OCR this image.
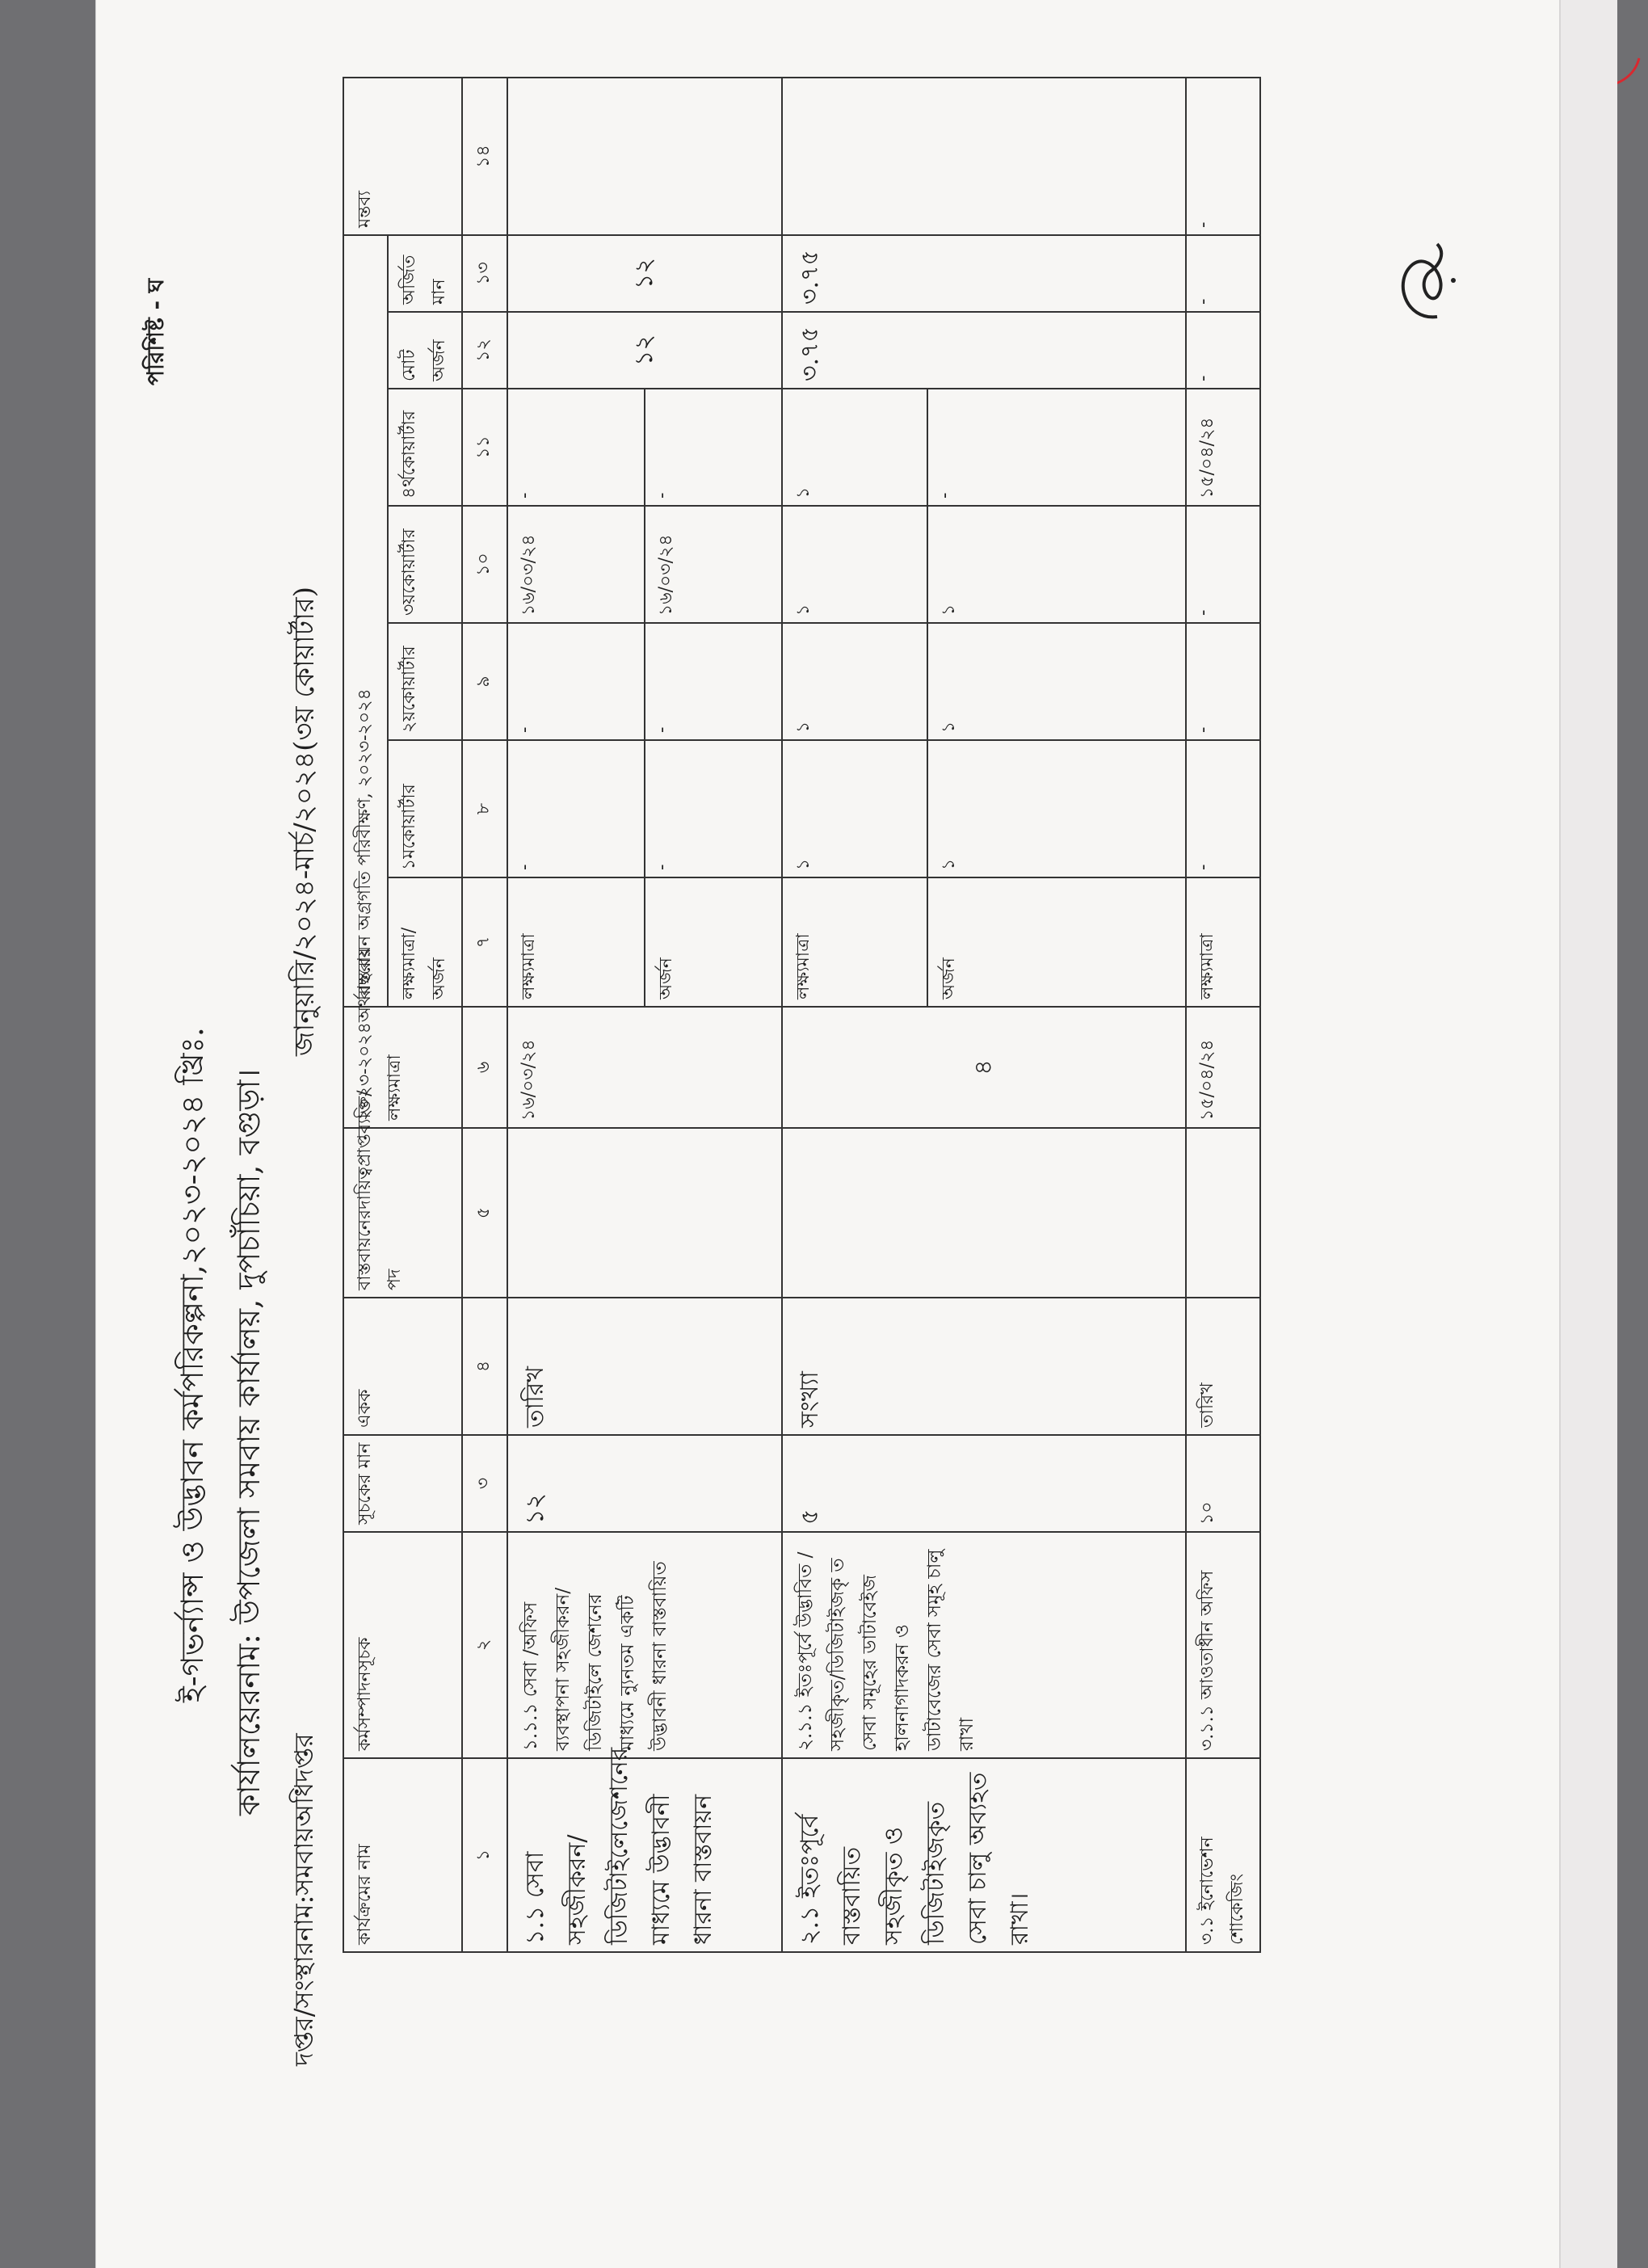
ই-গভর্ন্যান্স ও উদ্ভাবন কর্মপরিকল্পনা,২০২৩-২০২৪ খ্রিঃ. কার্যালয়েরনাম: উপজেলা সমবায় কার্যালয়, দুপচাঁচিয়া, বগুড়া।
পরিশিষ্ট - ঘ
দপ্তর/সংস্থারনাম:সমবায়অধিদপ্তর
জানুয়ারি/২০২৪-মার্চ/২০২৪(৩য় কোয়ার্টার)
কার্যক্রমের নাম	কর্মসম্পাদনসূচক	সূচকের মান	একক	বাস্তবায়নেরদায়িত্বপ্রাপ্তব্যক্তি/পদ	২০২৩-২০২৪অর্থবছরের লক্ষ্যমাত্রা	বাস্তবায়ন অগ্রগতি পরিবীক্ষণ, ২০২৩-২০২৪							মন্তব্য
						লক্ষ্যমাত্রা/ অর্জন	১মকোয়ার্টার	২য়কোয়ার্টার	৩য়কোয়ার্টার	৪র্থকোয়ার্টার	মোট অর্জন	অর্জিত মান	
১	২	৩	৪	৫	৬	৭	৮	৯	১০	১১	১২	১৩	১৪
১.১ সেবা সহজীকরন/ ডিজিটাইলেজেশনের মাধ্যমে উদ্ভাবনী ধারনা বাস্তবায়ন	১.১.১ সেবা /অফিস ব্যবস্থাপনা সহজীকরন/ডিজিটাইলে জেশনের মাধ্যমে ন্যুনতম একটি উদ্ভাবনী ধারনা বাস্তবায়িত	১২	তারিখ		১৬/০৩/২৪	লক্ষ্যমাত্রা	-	-	১৬/০৩/২৪	-	১২	১২	
						অর্জন	-	-	১৬/০৩/২৪	-			
২.১ ইতঃপূর্বে বাস্তবায়িত সহজীকৃত ও ডিজিটাইজকৃত সেবা চালু অব্যহত রাখা।	২.১.১ ইতঃপূর্বে উদ্ভাবিত /সহজীকৃত/ডিজিটাইজকৃ ত সেবা সমূহের ডাটাবেইজ হালনাগাদকরন ও ডাটাবেজের সেবা সমূহ চালু রাখা	৫	সংখ্যা		৪	লক্ষ্যমাত্রা	১	১	১	১	৩.৭৫	৩.৭৫	
						অর্জন	১	১	১	-			
৩.১ ইনোভেশন শোকেজিং	৩.১.১ আওতাধীন অফিস	১০	তারিখ		১৫/০৪/২৪	লক্ষ্যমাত্রা	-	-	-	১৫/০৪/২৪	-	-	-
